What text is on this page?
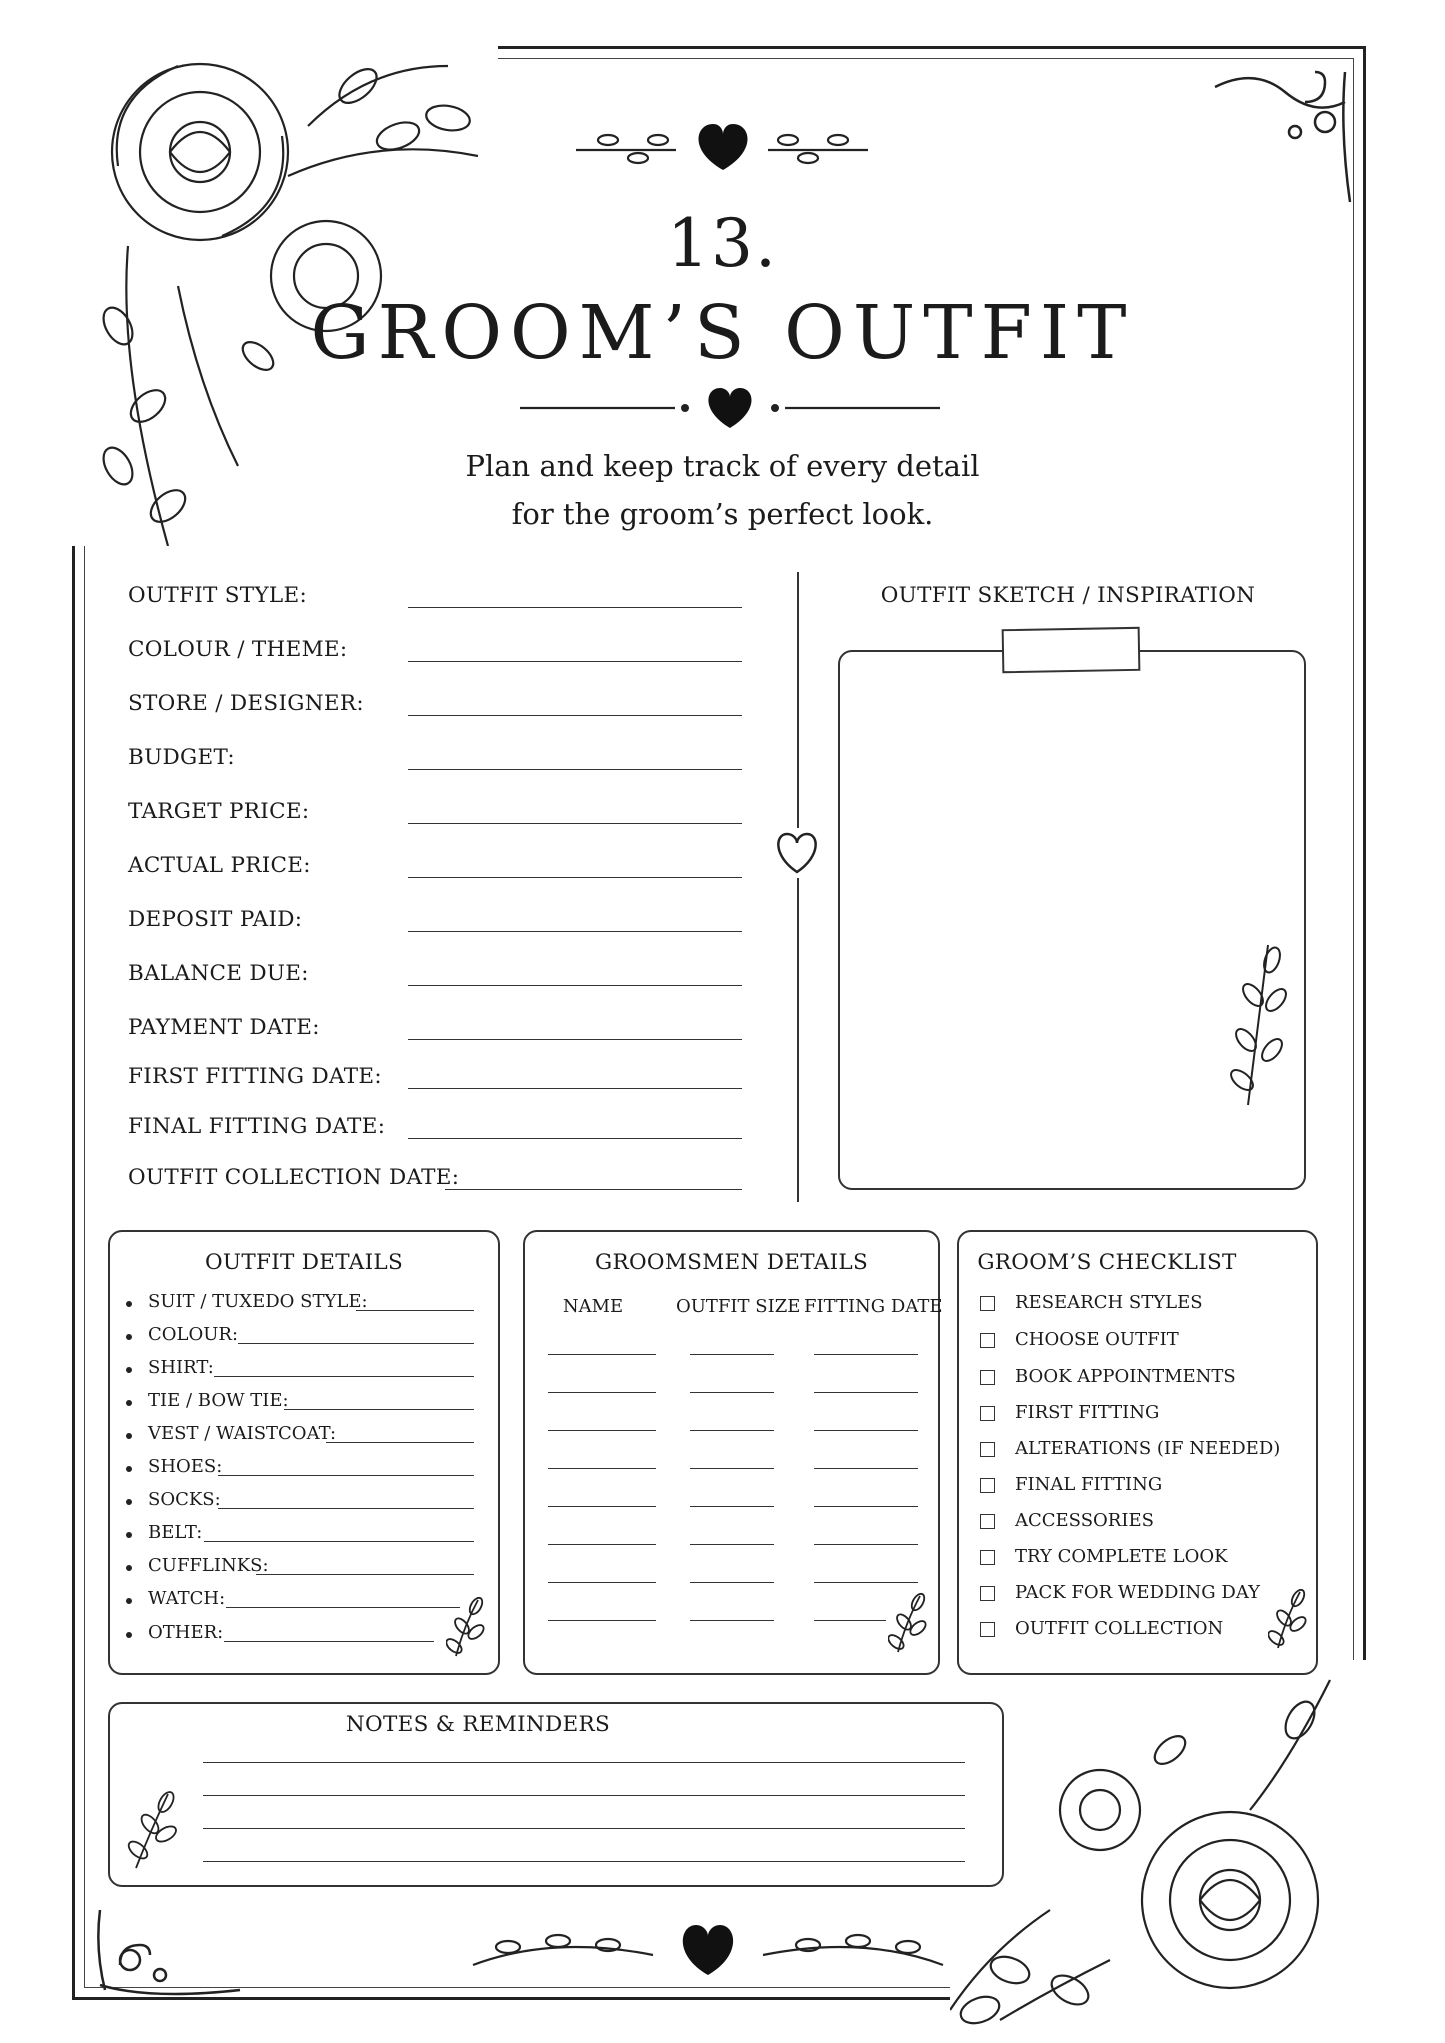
13.
GROOM’S OUTFIT
Plan and keep track of every detail
for the groom’s perfect look.
OUTFIT STYLE:
COLOUR / THEME:
STORE / DESIGNER:
BUDGET:
TARGET PRICE:
ACTUAL PRICE:
DEPOSIT PAID:
BALANCE DUE:
PAYMENT DATE:
FIRST FITTING DATE:
FINAL FITTING DATE:
OUTFIT COLLECTION DATE:
OUTFIT SKETCH / INSPIRATION
OUTFIT DETAILS
SUIT / TUXEDO STYLE:
COLOUR:
SHIRT:
TIE / BOW TIE:
VEST / WAISTCOAT:
SHOES:
SOCKS:
BELT:
CUFFLINKS:
WATCH:
OTHER:
GROOMSMEN DETAILS
NAME	OUTFIT SIZE FITTING DATE
GROOM’S CHECKLIST
RESEARCH STYLES
CHOOSE OUTFIT
BOOK APPOINTMENTS
FIRST FITTING
ALTERATIONS (IF NEEDED)
FINAL FITTING
ACCESSORIES
TRY COMPLETE LOOK
PACK FOR WEDDING DAY
OUTFIT COLLECTION
NOTES & REMINDERS
